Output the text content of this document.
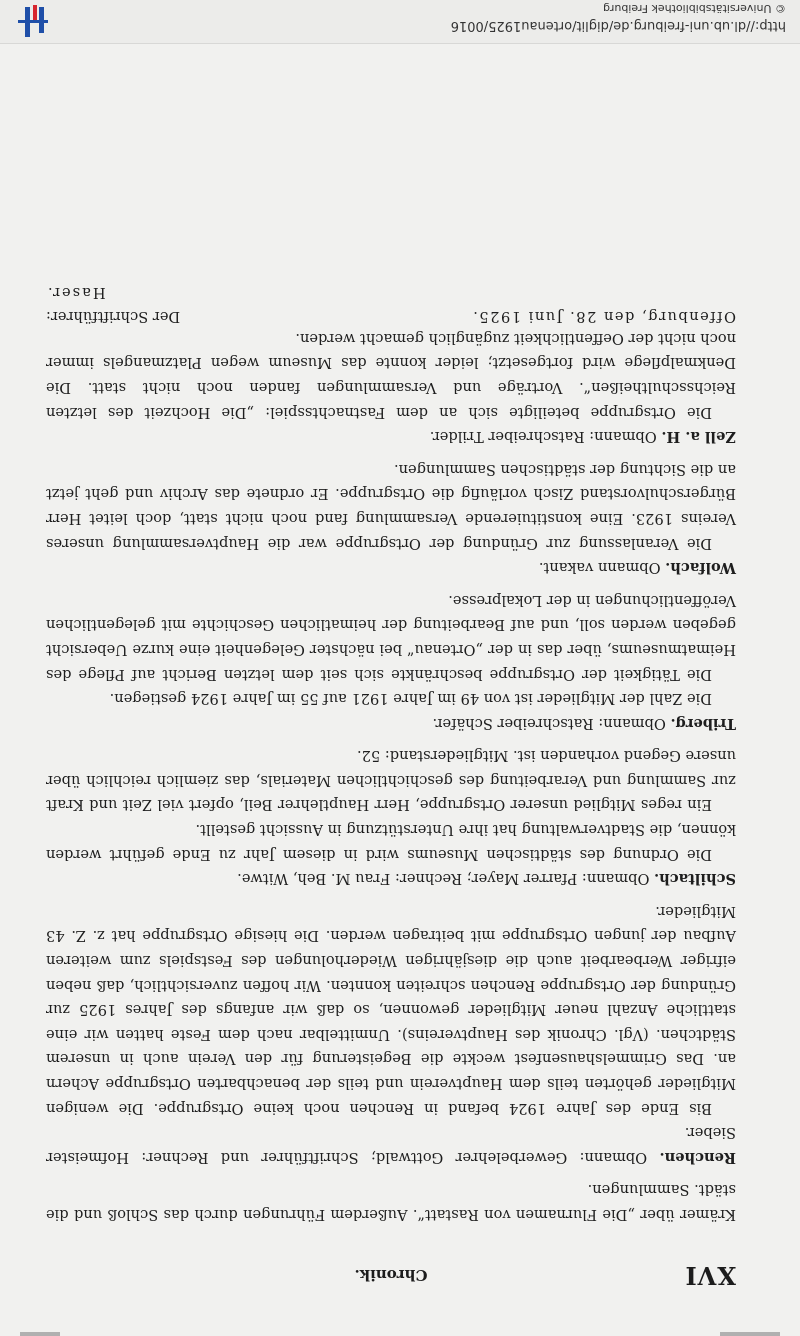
XVI
Chronik.

Krämer über „Die Flurnamen von Rastatt“. Außerdem Führungen durch das Schloß und die städt. Sammlungen.

Renchen. Obmann: Gewerbelehrer Gottwald; Schriftführer und Rechner: Hofmeister Sieber.

Bis Ende des Jahre 1924 befand in Renchen noch keine Ortsgruppe. Die wenigen Mitglieder gehörten teils dem Hauptverein und teils der benachbarten Ortsgruppe Achern an. Das Grimmelshausenfest weckte die Begeisterung für den Verein auch in unserem Städtchen. (Vgl. Chronik des Hauptvereins). Unmittelbar nach dem Feste hatten wir eine stattliche Anzahl neuer Mitglieder gewonnen, so daß wir anfangs des Jahres 1925 zur Gründung der Ortsgruppe Renchen schreiten konnten. Wir hoffen zuversichtlich, daß neben eifriger Werbearbeit auch die diesjährigen Wiederholungen des Festspiels zum weiteren Aufbau der jungen Ortsgruppe mit beitragen werden. Die hiesige Ortsgruppe hat z. Z. 43 Mitglieder.

Schiltach. Obmann: Pfarrer Mayer; Rechner: Frau M. Beh, Witwe.

Die Ordnung des städtischen Museums wird in diesem Jahr zu Ende geführt werden können, die Stadtverwaltung hat ihre Unterstützung in Aussicht gestellt.

Ein reges Mitglied unserer Ortsgruppe, Herr Hauptlehrer Beil, opfert viel Zeit und Kraft zur Sammlung und Verarbeitung des geschichtlichen Materials, das ziemlich reichlich über unsere Gegend vorhanden ist. Mitgliederstand: 52.

Triberg. Obmann: Ratschreiber Schäfer.

Die Zahl der Mitglieder ist von 49 im Jahre 1921 auf 55 im Jahre 1924 gestiegen.

Die Tätigkeit der Ortsgruppe beschränkte sich seit dem letzten Bericht auf Pflege des Heimatmuseums, über das in der „Ortenau“ bei nächster Gelegenheit eine kurze Uebersicht gegeben werden soll, und auf Bearbeitung der heimatlichen Geschichte mit gelegentlichen Veröffentlichungen in der Lokalpresse.

Wolfach. Obmann vakant.

Die Veranlassung zur Gründung der Ortsgruppe war die Hauptversammlung unseres Vereins 1923. Eine konstituierende Versammlung fand noch nicht statt, doch leitet Herr Bürgerschulvorstand Zisch vorläufig die Ortsgruppe. Er ordnete das Archiv und geht jetzt an die Sichtung der städtischen Sammlungen.

Zell a. H. Obmann: Ratschreiber Trilder.

Die Ortsgruppe beteiligte sich an dem Fastnachtsspiel: „Die Hochzeit des letzten Reichsschultheißen“. Vorträge und Versammlungen fanden noch nicht statt. Die Denkmalpflege wird fortgesetzt; leider konnte das Museum wegen Platzmangels immer noch nicht der Oeffentlichkeit zugänglich gemacht werden.

Offenburg, den 28. Juni 1925.
Der Schriftführer:
Haser.
http://dl.ub.uni-freiburg.de/diglit/ortenau1925/0016
© Universitätsbibliothek Freiburg
